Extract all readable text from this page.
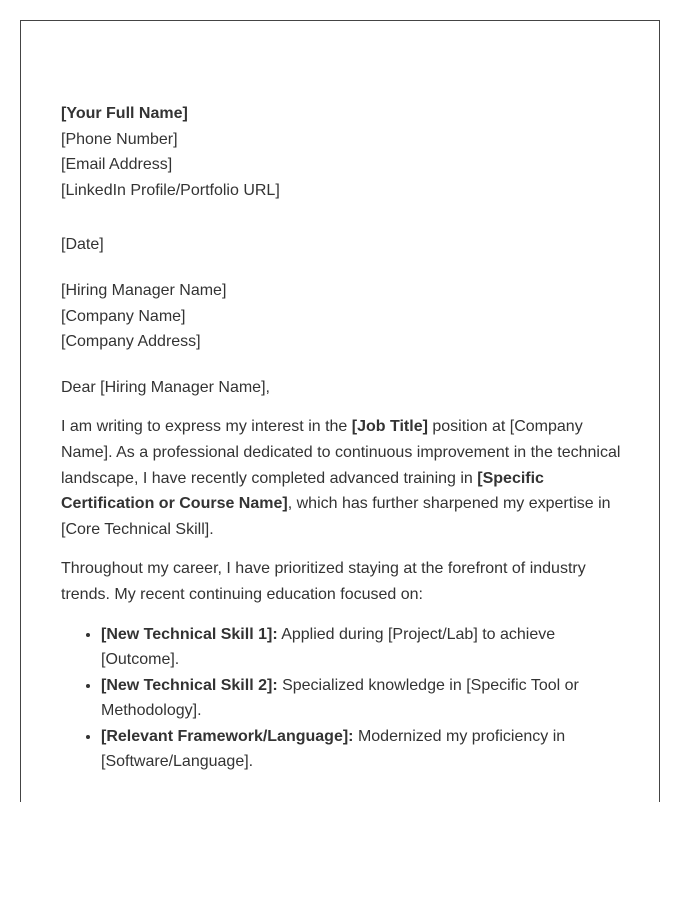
[Your Full Name]

[Phone Number]

[Email Address]

[LinkedIn Profile/Portfolio URL]

[Date]

[Hiring Manager Name]

[Company Name]

[Company Address]

Dear [Hiring Manager Name],

I am writing to express my interest in the [Job Title] position at [Company Name]. As a professional dedicated to continuous improvement in the technical landscape, I have recently completed advanced training in [Specific Certification or Course Name], which has further sharpened my expertise in [Core Technical Skill].

Throughout my career, I have prioritized staying at the forefront of industry trends. My recent continuing education focused on:

• [New Technical Skill 1]: Applied during [Project/Lab] to achieve [Outcome].
• [New Technical Skill 2]: Specialized knowledge in [Specific Tool or Methodology].
• [Relevant Framework/Language]: Modernized my proficiency in [Software/Language].
